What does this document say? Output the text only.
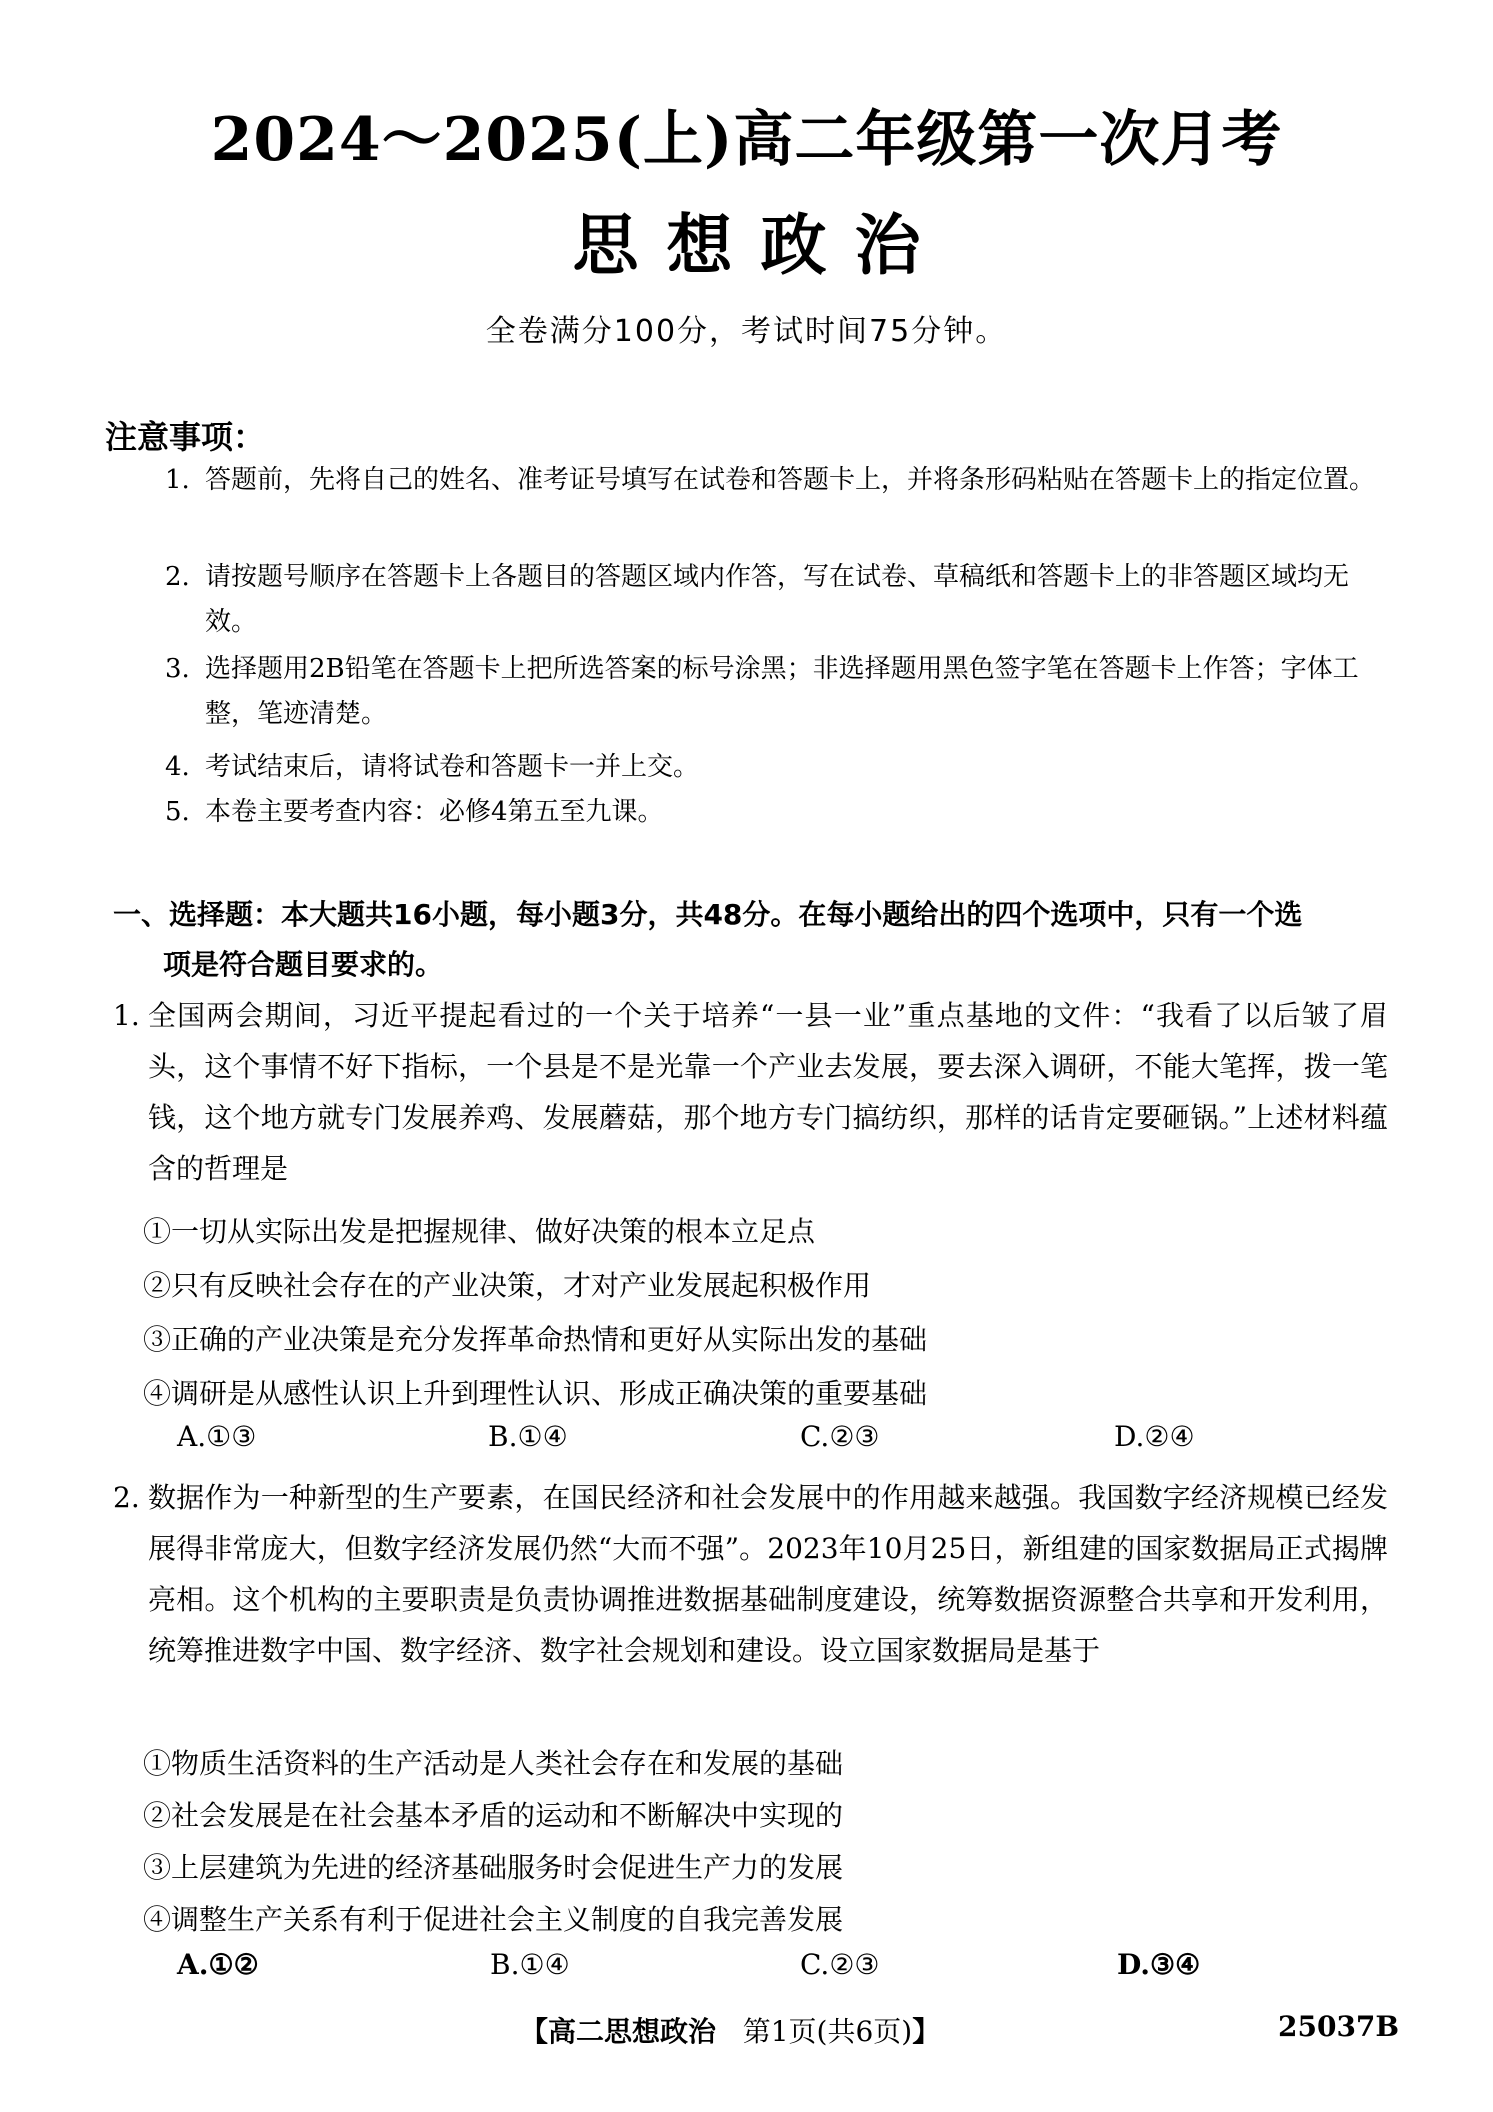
2024～2025(上)高二年级第一次月考
思想政治
全卷满分100分，考试时间75分钟。
注意事项：
1. 答题前，先将自己的姓名、准考证号填写在试卷和答题卡上，并将条形码粘贴在答题卡上的指定位置。
2. 请按题号顺序在答题卡上各题目的答题区域内作答，写在试卷、草稿纸和答题卡上的非答题区域均无效。
3. 选择题用2B铅笔在答题卡上把所选答案的标号涂黑；非选择题用黑色签字笔在答题卡上作答；字体工整，笔迹清楚。
4. 考试结束后，请将试卷和答题卡一并上交。
5. 本卷主要考查内容：必修4第五至九课。
一、选择题：本大题共16小题，每小题3分，共48分。在每小题给出的四个选项中，只有一个选
项是符合题目要求的。
1. 全国两会期间，习近平提起看过的一个关于培养“一县一业”重点基地的文件：“我看了以后皱了眉头，这个事情不好下指标，一个县是不是光靠一个产业去发展，要去深入调研，不能大笔挥，拨一笔钱，这个地方就专门发展养鸡、发展蘑菇，那个地方专门搞纺织，那样的话肯定要砸锅。”上述材料蕴含的哲理是
①一切从实际出发是把握规律、做好决策的根本立足点
②只有反映社会存在的产业决策，才对产业发展起积极作用
③正确的产业决策是充分发挥革命热情和更好从实际出发的基础
④调研是从感性认识上升到理性认识、形成正确决策的重要基础
A.①③	B.①④	C.②③	D.②④
2. 数据作为一种新型的生产要素，在国民经济和社会发展中的作用越来越强。我国数字经济规模已经发展得非常庞大，但数字经济发展仍然“大而不强”。2023年10月25日，新组建的国家数据局正式揭牌亮相。这个机构的主要职责是负责协调推进数据基础制度建设，统筹数据资源整合共享和开发利用，统筹推进数字中国、数字经济、数字社会规划和建设。设立国家数据局是基于
①物质生活资料的生产活动是人类社会存在和发展的基础
②社会发展是在社会基本矛盾的运动和不断解决中实现的
③上层建筑为先进的经济基础服务时会促进生产力的发展
④调整生产关系有利于促进社会主义制度的自我完善发展
A.①②	B.①④	C.②③	D.③④
【高二思想政治 第1页(共6页)】	25037B
